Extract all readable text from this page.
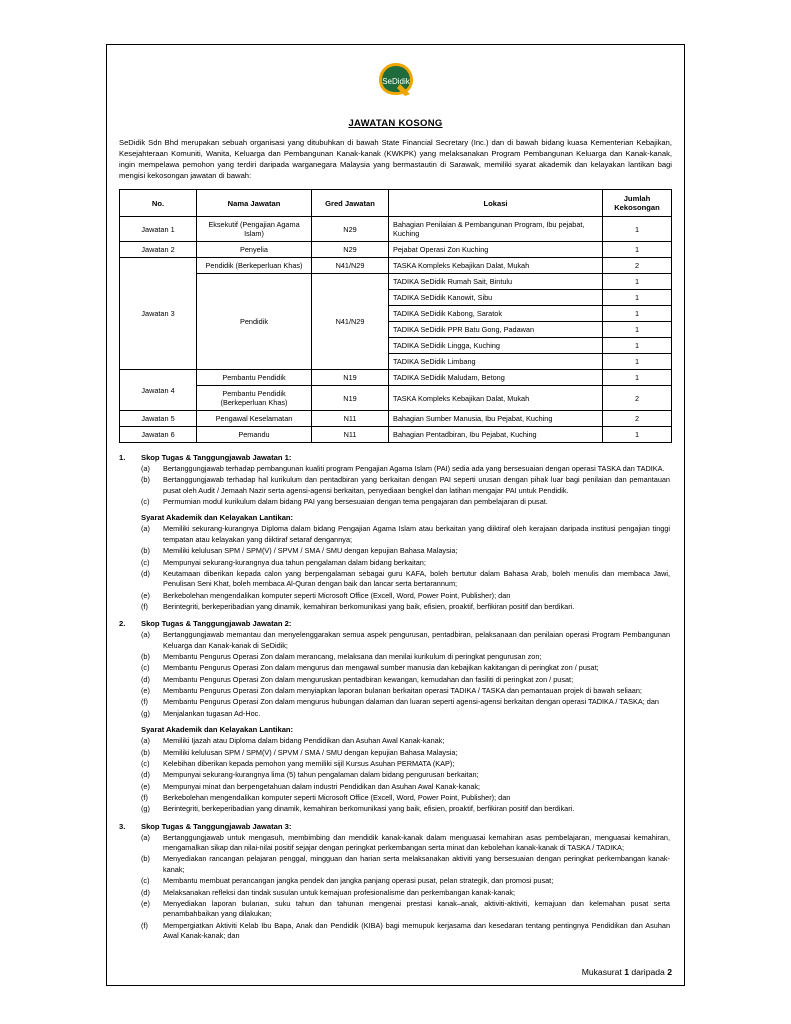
SeDidik
JAWATAN KOSONG

SeDidik Sdn Bhd merupakan sebuah organisasi yang ditubuhkan di bawah State Financial Secretary (Inc.) dan di bawah bidang kuasa Kementerian Kebajikan, Kesejahteraan Komuniti, Wanita, Keluarga dan Pembangunan Kanak-kanak (KWKPK) yang melaksanakan Program Pembangunan Keluarga dan Kanak-kanak, ingin mempelawa pemohon yang terdiri daripada warganegara Malaysia yang bermastautin di Sarawak, memiliki syarat akademik dan kelayakan lantikan bagi mengisi kekosongan jawatan di bawah:

No.	Nama Jawatan	Gred Jawatan	Lokasi	Jumlah Kekosongan
Jawatan 1	Eksekutif (Pengajian Agama Islam)	N29	Bahagian Penilaian & Pembangunan Program, Ibu pejabat, Kuching	1
Jawatan 2	Penyelia	N29	Pejabat Operasi Zon Kuching	1
Jawatan 3	Pendidik (Berkeperluan Khas)	N41/N29	TASKA Kompleks Kebajikan Dalat, Mukah	2
	Pendidik	N41/N29	TADIKA SeDidik Rumah Sait, Bintulu	1
			TADIKA SeDidik Kanowit, Sibu	1
			TADIKA SeDidik Kabong, Saratok	1
			TADIKA SeDidik PPR Batu Gong, Padawan	1
			TADIKA SeDidik Lingga, Kuching	1
			TADIKA SeDidik Limbang	1
Jawatan 4	Pembantu Pendidik	N19	TADIKA SeDidik Maludam, Betong	1
	Pembantu Pendidik (Berkeperluan Khas)	N19	TASKA Kompleks Kebajikan Dalat, Mukah	2
Jawatan 5	Pengawal Keselamatan	N11	Bahagian Sumber Manusia, Ibu Pejabat, Kuching	2
Jawatan 6	Pemandu	N11	Bahagian Pentadbiran, Ibu Pejabat, Kuching	1
1.	Skop Tugas & Tanggungjawab Jawatan 1:
(a)	Bertanggungjawab terhadap pembangunan kualiti program Pengajian Agama Islam (PAI) sedia ada yang bersesuaian dengan operasi TASKA dan TADIKA.
(b)	Bertanggungjawab terhadap hal kurikulum dan pentadbiran yang berkaitan dengan PAI seperti urusan dengan pihak luar bagi penilaian dan pemantauan pusat oleh Audit / Jemaah Nazir serta agensi-agensi berkaitan, penyediaan bengkel dan latihan mengajar PAI untuk Pendidik.
(c)	Permurnian modul kurikulum dalam bidang PAI yang bersesuaian dengan tema pengajaran dan pembelajaran di pusat.
Syarat Akademik dan Kelayakan Lantikan:
(a)	Memiliki sekurang-kurangnya Diploma dalam bidang Pengajian Agama Islam atau berkaitan yang diiktiraf oleh kerajaan daripada institusi pengajian tinggi tempatan atau kelayakan yang diiktiraf setaraf dengannya;
(b)	Memiliki kelulusan SPM / SPM(V) / SPVM / SMA / SMU dengan kepujian Bahasa Malaysia;
(c)	Mempunyai sekurang-kurangnya dua tahun pengalaman dalam bidang berkaitan;
(d)	Keutamaan diberikan kepada calon yang berpengalaman sebagai guru KAFA, boleh bertutur dalam Bahasa Arab, boleh menulis dan membaca Jawi, Penulisan Seni Khat, boleh membaca Al-Quran dengan baik dan lancar serta bertarannum;
(e)	Berkebolehan mengendalikan komputer seperti Microsoft Office (Excell, Word, Power Point, Publisher); dan
(f)	Berintegriti, berkeperibadian yang dinamik, kemahiran berkomunikasi yang baik, efisien, proaktif, berfikiran positif dan berdikari.
2.	Skop Tugas & Tanggungjawab Jawatan 2:
(a)	Bertanggungjawab memantau dan menyelenggarakan semua aspek pengurusan, pentadbiran, pelaksanaan dan penilaian operasi Program Pembangunan Keluarga dan Kanak-kanak di SeDidik;
(b)	Membantu Pengurus Operasi Zon dalam merancang, melaksana dan menilai kurikulum di peringkat pengurusan zon;
(c)	Membantu Pengurus Operasi Zon dalam mengurus dan mengawal sumber manusia dan kebajikan kakitangan di peringkat zon / pusat;
(d)	Membantu Pengurus Operasi Zon dalam menguruskan pentadbiran kewangan, kemudahan dan fasiliti di peringkat zon / pusat;
(e)	Membantu Pengurus Operasi Zon dalam menyiapkan laporan bulanan berkaitan operasi TADIKA / TASKA dan pemantauan projek di bawah seliaan;
(f)	Membantu Pengurus Operasi Zon dalam mengurus hubungan dalaman dan luaran seperti agensi-agensi berkaitan dengan operasi TADIKA / TASKA; dan
(g)	Menjalankan tugasan Ad-Hoc.
Syarat Akademik dan Kelayakan Lantikan:
(a)	Memiliki Ijazah atau Diploma dalam bidang Pendidikan dan Asuhan Awal Kanak-kanak;
(b)	Memiliki kelulusan SPM / SPM(V) / SPVM / SMA / SMU dengan kepujian Bahasa Malaysia;
(c)	Kelebihan diberikan kepada pemohon yang memiliki sijil Kursus Asuhan PERMATA (KAP);
(d)	Mempunyai sekurang-kurangnya lima (5) tahun pengalaman dalam bidang pengurusan berkaitan;
(e)	Mempunyai minat dan berpengetahuan dalam industri Pendidikan dan Asuhan Awal Kanak-kanak;
(f)	Berkebolehan mengendalikan komputer seperti Microsoft Office (Excell, Word, Power Point, Publisher); dan
(g)	Berintegriti, berkeperibadian yang dinamik, kemahiran berkomunikasi yang baik, efisien, proaktif, berfikiran positif dan berdikari.
3.	Skop Tugas & Tanggungjawab Jawatan 3:
(a)	Bertanggungjawab untuk mengasuh, membimbing dan mendidik kanak-kanak dalam menguasai kemahiran asas pembelajaran, menguasai kemahiran, mengamalkan sikap dan nilai-nilai positif sejajar dengan peringkat perkembangan serta minat dan kebolehan kanak-kanak di TASKA / TADIKA;
(b)	Menyediakan rancangan pelajaran penggal, mingguan dan harian serta melaksanakan aktiviti yang bersesuaian dengan peringkat perkembangan kanak-kanak;
(c)	Membantu membuat perancangan jangka pendek dan jangka panjang operasi pusat, pelan strategik, dan promosi pusat;
(d)	Melaksanakan refleksi dan tindak susulan untuk kemajuan profesionalisme dan perkembangan kanak-kanak;
(e)	Menyediakan laporan bulanan, suku tahun dan tahunan mengenai prestasi kanak–anak, aktiviti-aktiviti, kemajuan dan kelemahan pusat serta penambahbaikan yang dilakukan;
(f)	Mempergiatkan Aktiviti Kelab Ibu Bapa, Anak dan Pendidik (KIBA) bagi memupuk kerjasama dan kesedaran tentang pentingnya Pendidikan dan Asuhan Awal Kanak-kanak; dan
Mukasurat 1 daripada 2
